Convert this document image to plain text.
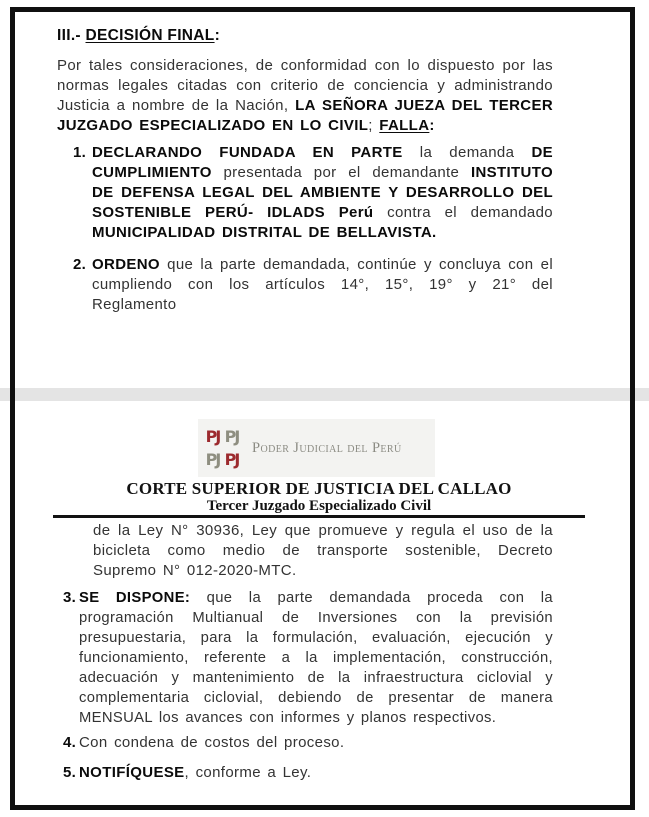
III.- DECISIÓN FINAL:
Por tales consideraciones, de conformidad con lo dispuesto por las normas legales citadas con criterio de conciencia y administrando Justicia a nombre de la Nación, LA SEÑORA JUEZA DEL TERCER JUZGADO ESPECIALIZADO EN LO CIVIL; FALLA:
1. DECLARANDO FUNDADA EN PARTE la demanda DE CUMPLIMIENTO presentada por el demandante INSTITUTO DE DEFENSA LEGAL DEL AMBIENTE Y DESARROLLO DEL SOSTENIBLE PERÚ- IDLADS Perú contra el demandado MUNICIPALIDAD DISTRITAL DE BELLAVISTA.
2. ORDENO que la parte demandada, continúe y concluya con el cumpliendo con los artículos 14°, 15°, 19° y 21° del Reglamento
PJ PJ
PJ PJ
Poder Judicial del Perú
CORTE SUPERIOR DE JUSTICIA DEL CALLAO
Tercer Juzgado Especializado Civil
de la Ley N° 30936, Ley que promueve y regula el uso de la bicicleta como medio de transporte sostenible, Decreto Supremo N° 012-2020-MTC.
3. SE DISPONE: que la parte demandada proceda con la programación Multianual de Inversiones con la previsión presupuestaria, para la formulación, evaluación, ejecución y funcionamiento, referente a la implementación, construcción, adecuación y mantenimiento de la infraestructura ciclovial y complementaria ciclovial, debiendo de presentar de manera MENSUAL los avances con informes y planos respectivos.
4. Con condena de costos del proceso.
5. NOTIFÍQUESE, conforme a Ley.
